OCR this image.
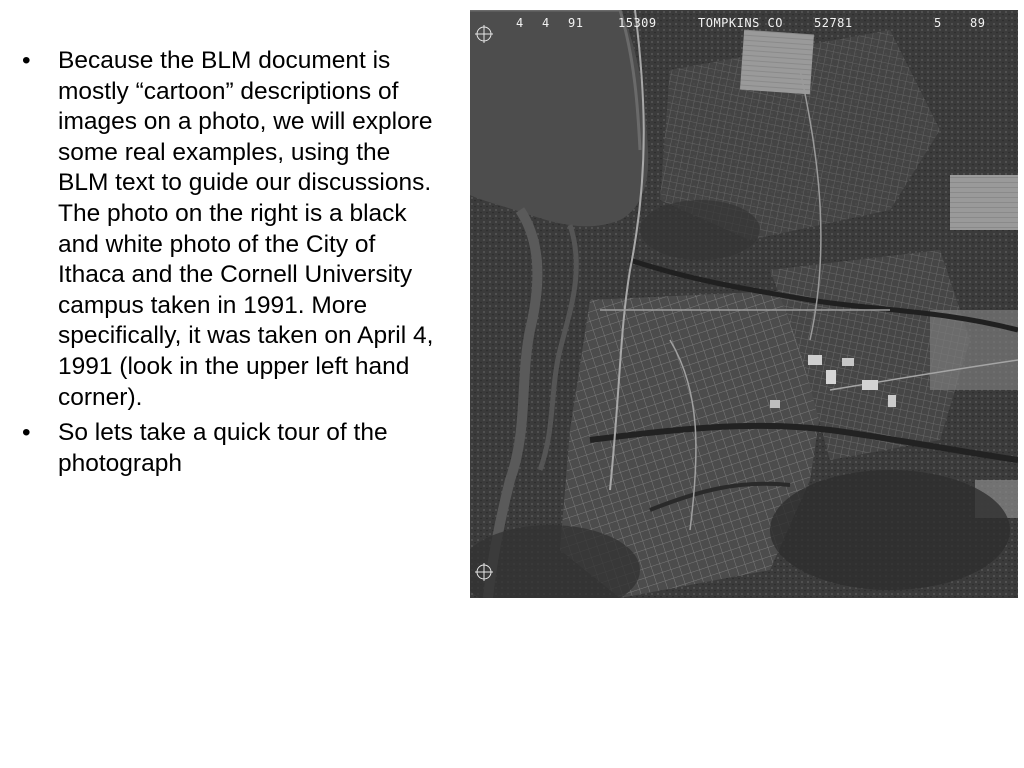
•	Because the BLM document is mostly “cartoon” descriptions of images on a photo, we will explore some real examples, using the BLM text to guide our discussions. The photo on the right is a black and white photo of the City of Ithaca and the Cornell University campus taken in 1991. More specifically, it was taken on April 4, 1991 (look in the upper left hand corner).
•	So lets take a quick tour of the photograph
4 4 91	15309	TOMPKINS CO	52781	5 89
